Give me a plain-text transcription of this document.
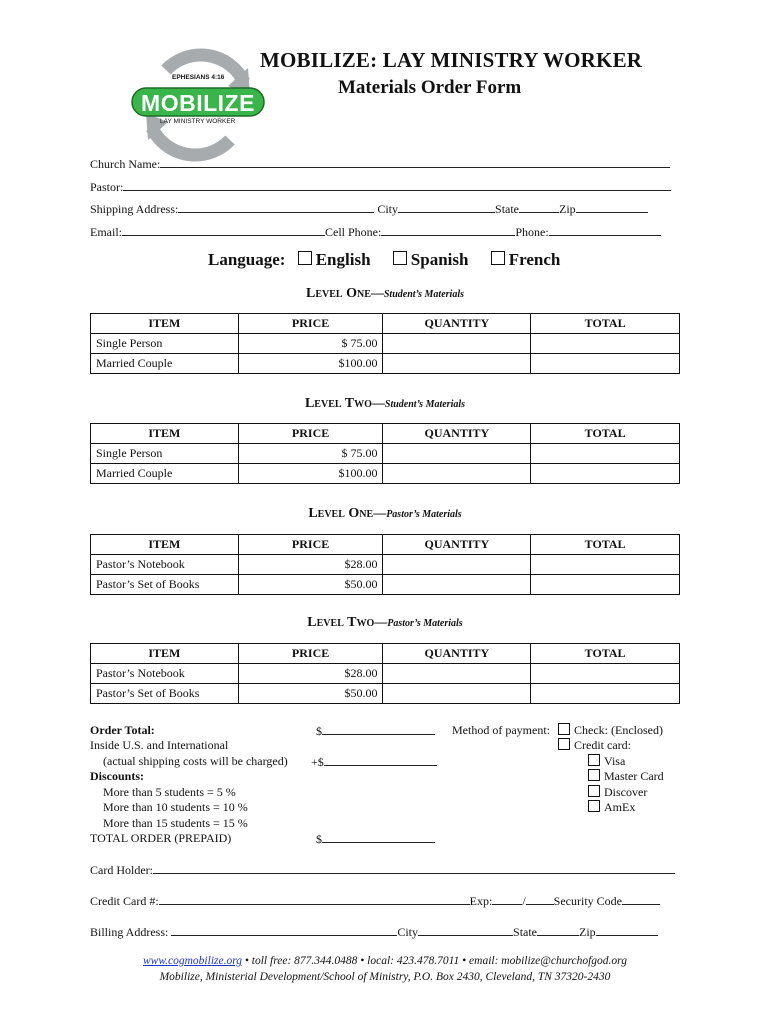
EPHESIANS 4:16
MOBILIZE
LAY MINISTRY WORKER
MOBILIZE: LAY MINISTRY WORKER
Materials Order Form
Church Name:
Pastor:
Shipping Address:	City	State	Zip
Email:	Cell Phone:	Phone:
Language: English Spanish French
Level One—Student’s Materials
ITEM	PRICE	QUANTITY	TOTAL
Single Person	$ 75.00		
Married Couple	$100.00		
Level Two—Student’s Materials
ITEM	PRICE	QUANTITY	TOTAL
Single Person	$ 75.00		
Married Couple	$100.00		
Level One—Pastor’s Materials
ITEM	PRICE	QUANTITY	TOTAL
Pastor’s Notebook	$28.00		
Pastor’s Set of Books	$50.00		
Level Two—Pastor’s Materials
ITEM	PRICE	QUANTITY	TOTAL
Pastor’s Notebook	$28.00		
Pastor’s Set of Books	$50.00		
Order Total:	$
Inside U.S. and International
(actual shipping costs will be charged) +$
Discounts:
More than 5 students = 5 %
More than 10 students = 10 %
More than 15 students = 15 %
TOTAL ORDER (PREPAID)	$
Method of payment:	Check: (Enclosed)
Credit card:
Visa
Master Card
Discover
AmEx
Card Holder:
Credit Card #:	Exp:	/ Security Code
Billing Address:	City	State	Zip
www.cogmobilize.org • toll free: 877.344.0488 • local: 423.478.7011 • email: mobilize@churchofgod.org
Mobilize, Ministerial Development/School of Ministry, P.O. Box 2430, Cleveland, TN 37320-2430
